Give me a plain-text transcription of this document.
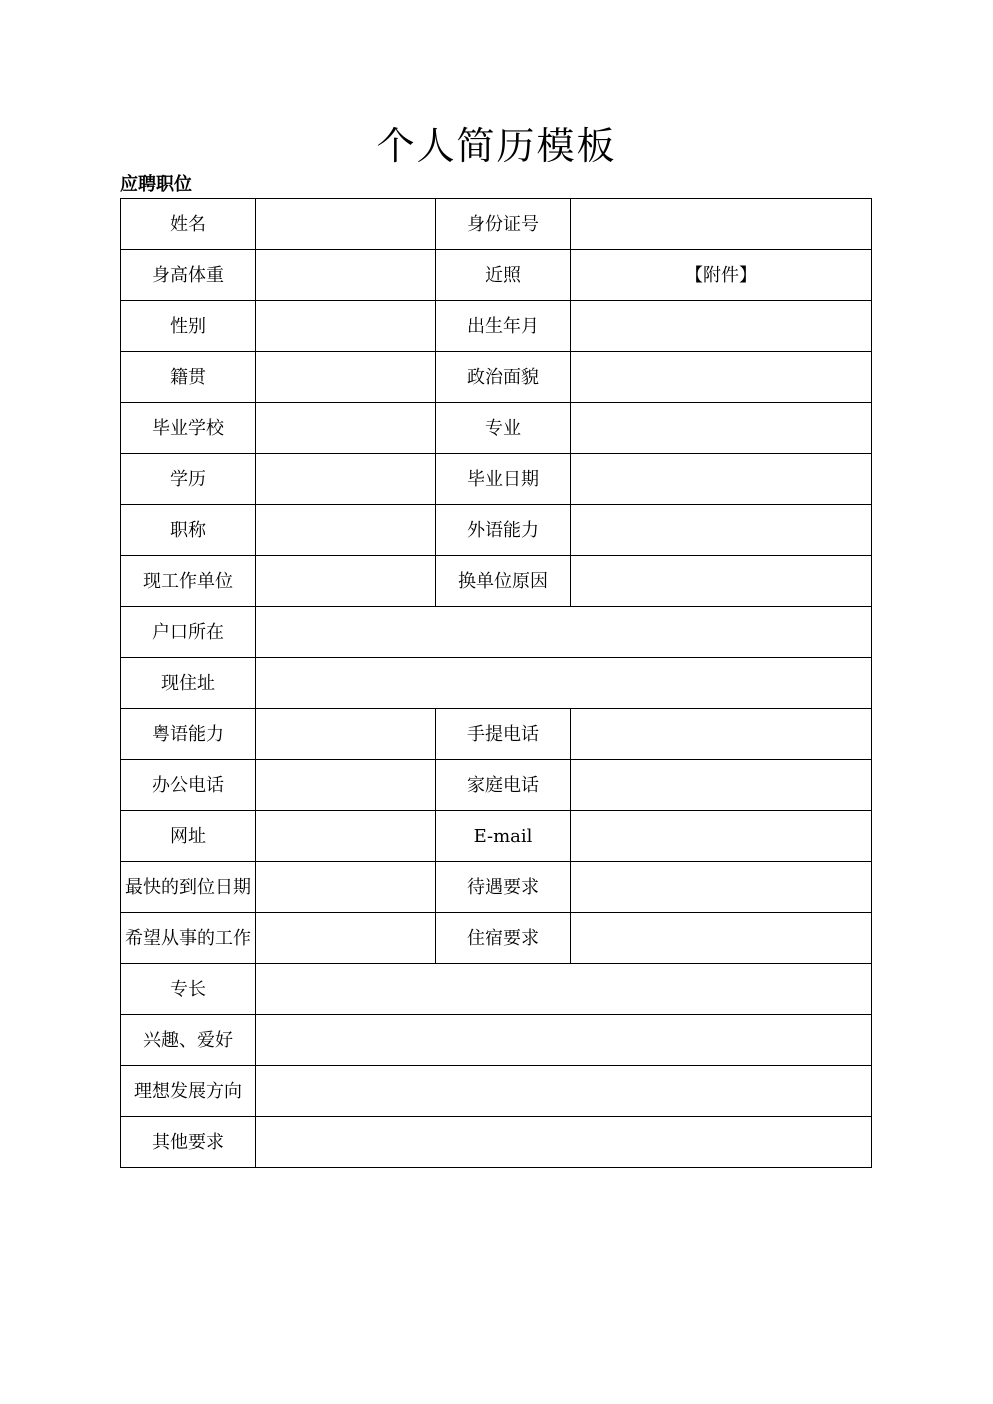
个人简历模板
应聘职位
姓名		身份证号	
身高体重		近照	【附件】
性别		出生年月	
籍贯		政治面貌	
毕业学校		专业	
学历		毕业日期	
职称		外语能力	
现工作单位		换单位原因	
户口所在			
现住址			
粤语能力		手提电话	
办公电话		家庭电话	
网址		E-mail	
最快的到位日期		待遇要求	
希望从事的工作		住宿要求	
专长			
兴趣、爱好			
理想发展方向			
其他要求			
